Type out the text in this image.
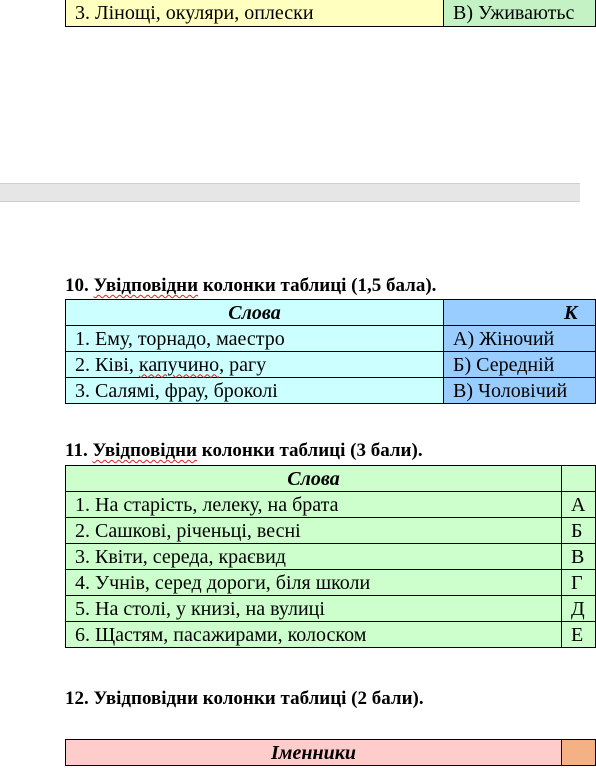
3. Лінощі, окуляри, оплески	В) Уживаютьс
10. Увідповідни колонки таблиці (1,5 бала).
Слова	К
1. Ему, торнадо, маестро	А) Жіночий
2. Ківі, капучино, рагу	Б) Середній
3. Салямі, фрау, броколі	В) Чоловічий
11. Увідповідни колонки таблиці (3 бали).
Слова	
1. На старість, лелеку, на брата	А
2. Сашкові, річеньці, весні	Б
3. Квіти, середа, краєвид	В
4. Учнів, серед дороги, біля школи	Г
5. На столі, у книзі, на вулиці	Д
6. Щастям, пасажирами, колоском	Е
12. Увідповідни колонки таблиці (2 бали).
Іменники	
